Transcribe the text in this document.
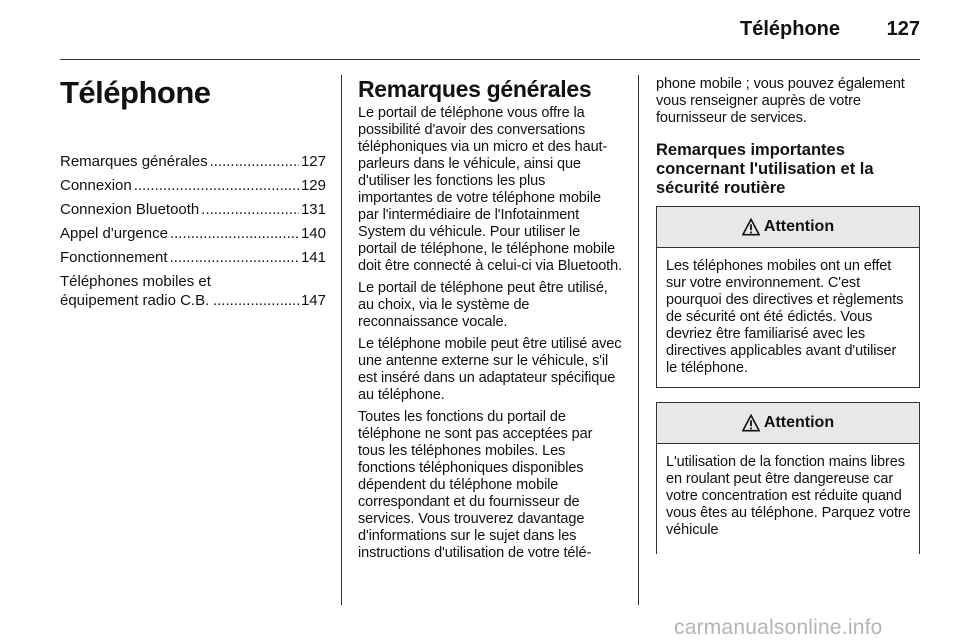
Téléphone	127
Téléphone
Remarques générales .....	127
Connexion .....	129
Connexion Bluetooth .....	131
Appel d'urgence .....	140
Fonctionnement .....	141
Téléphones mobiles et
équipement radio C.B. .....	147
Remarques générales

Le portail de téléphone vous offre la possibilité d'avoir des conversations téléphoniques via un micro et des haut-parleurs dans le véhicule, ainsi que d'utiliser les fonctions les plus importantes de votre téléphone mobile par l'intermédiaire de l'Infotainment System du véhicule. Pour utiliser le portail de téléphone, le téléphone mobile doit être connecté à celui-ci via Bluetooth.

Le portail de téléphone peut être utilisé, au choix, via le système de reconnaissance vocale.

Le téléphone mobile peut être utilisé avec une antenne externe sur le véhicule, s'il est inséré dans un adaptateur spécifique au téléphone.

Toutes les fonctions du portail de téléphone ne sont pas acceptées par tous les téléphones mobiles. Les fonctions téléphoniques disponibles dépendent du téléphone mobile correspondant et du fournisseur de services. Vous trouverez davantage d'informations sur le sujet dans les instructions d'utilisation de votre télé-

phone mobile ; vous pouvez également vous renseigner auprès de votre fournisseur de services.

Remarques importantes concernant l'utilisation et la sécurité routière
Attention
Les téléphones mobiles ont un effet sur votre environnement. C'est pourquoi des directives et règlements de sécurité ont été édictés. Vous devriez être familiarisé avec les directives applicables avant d'utiliser le téléphone.
Attention
L'utilisation de la fonction mains libres en roulant peut être dangereuse car votre concentration est réduite quand vous êtes au téléphone. Parquez votre véhicule
carmanualsonline.info
